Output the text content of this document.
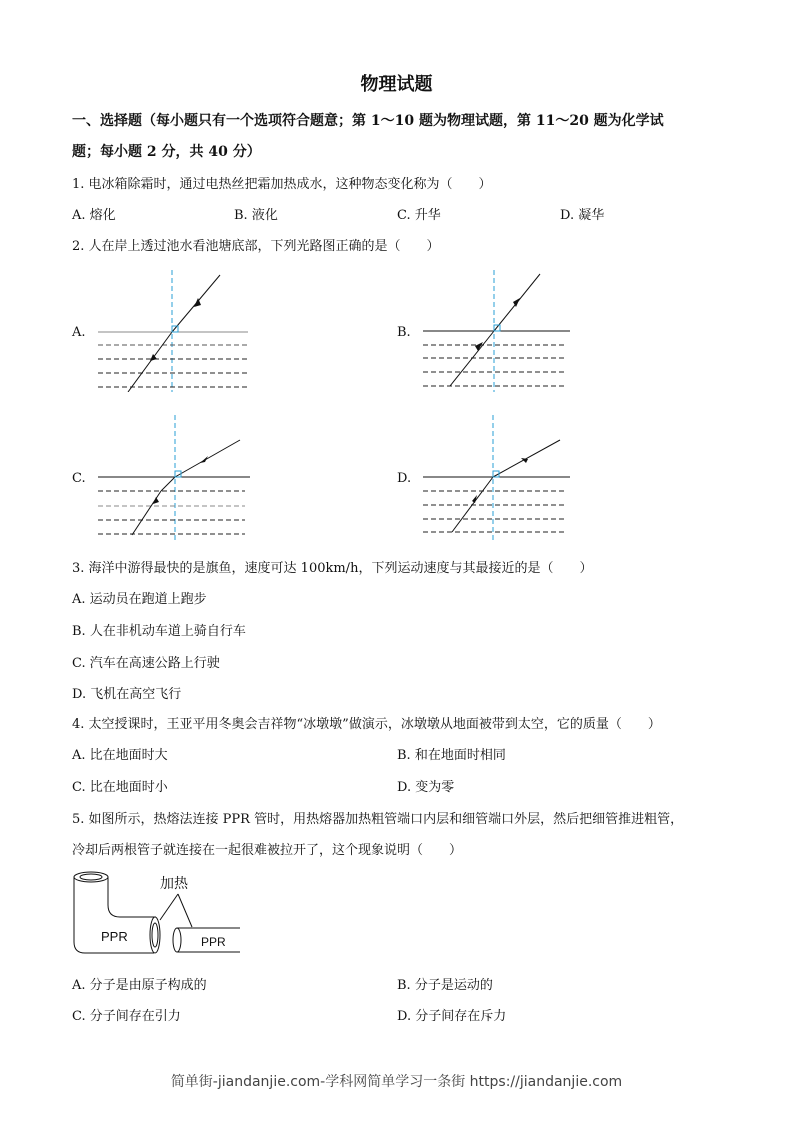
物理试题
一、选择题（每小题只有一个选项符合题意；第 1～10 题为物理试题，第 11～20 题为化学试
题；每小题 2 分，共 40 分）
1. 电冰箱除霜时，通过电热丝把霜加热成水，这种物态变化称为（　　）
A. 熔化	B. 液化	C. 升华	D. 凝华
2. 人在岸上透过池水看池塘底部，下列光路图正确的是（　　）
A.	B.
C.	D.
3. 海洋中游得最快的是旗鱼，速度可达 100km/h，下列运动速度与其最接近的是（　　）
A. 运动员在跑道上跑步
B. 人在非机动车道上骑自行车
C. 汽车在高速公路上行驶
D. 飞机在高空飞行
4. 太空授课时，王亚平用冬奥会吉祥物“冰墩墩”做演示，冰墩墩从地面被带到太空，它的质量（　　）
A. 比在地面时大	B. 和在地面时相同
C. 比在地面时小	D. 变为零
5. 如图所示，热熔法连接 PPR 管时，用热熔器加热粗管端口内层和细管端口外层，然后把细管推进粗管，
冷却后两根管子就连接在一起很难被拉开了，这个现象说明（　　）
加热
PPR	PPR
A. 分子是由原子构成的	B. 分子是运动的
C. 分子间存在引力	D. 分子间存在斥力
简单街-jiandanjie.com-学科网简单学习一条街 https://jiandanjie.com
